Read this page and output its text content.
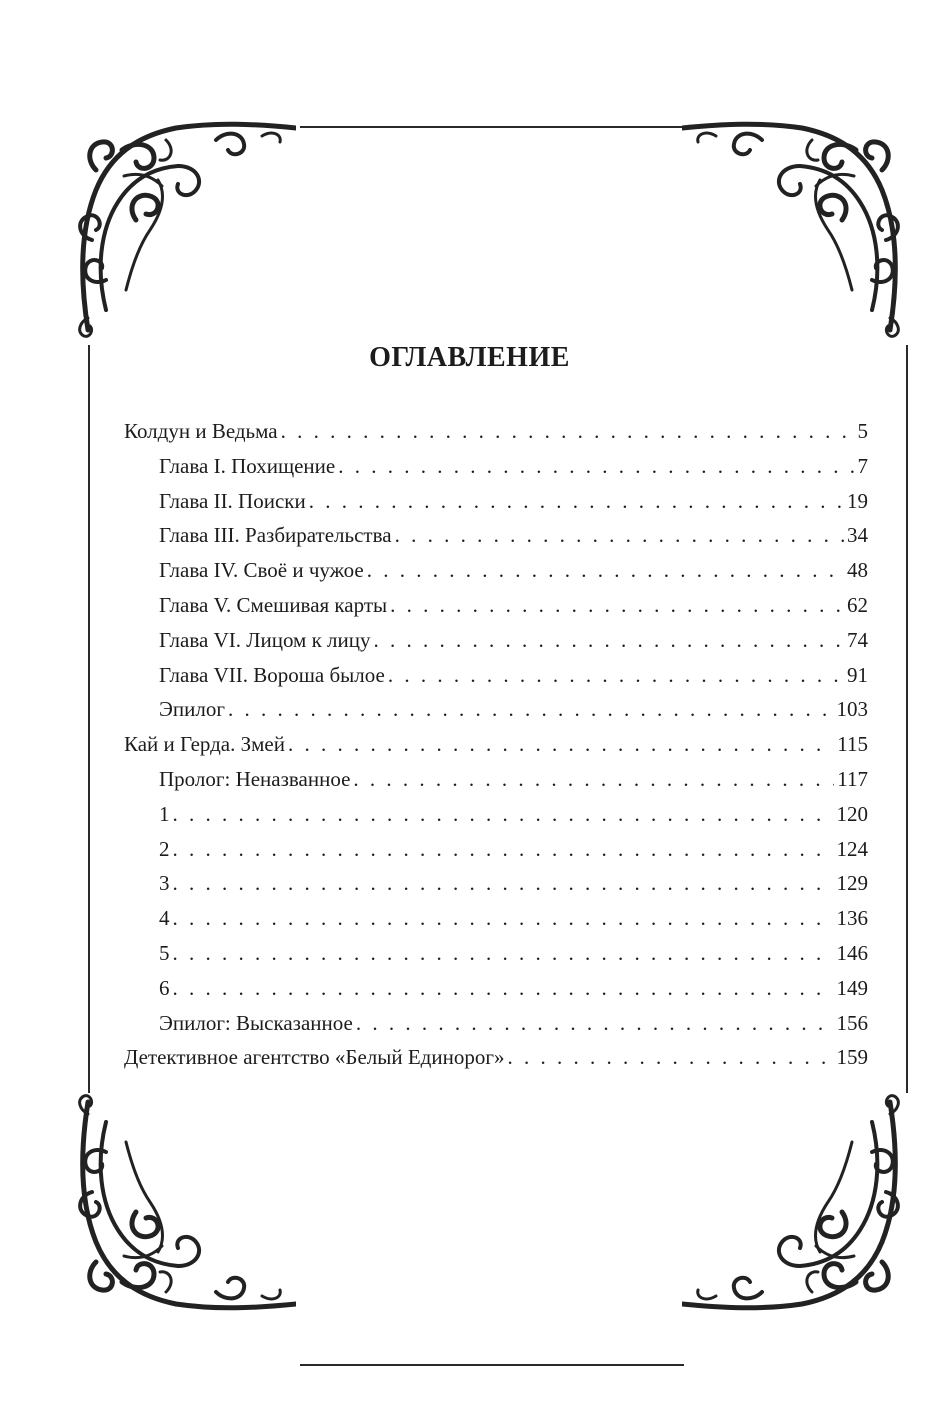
ОГЛАВЛЕНИЕ
Колдун и Ведьма . . .	5
Глава I. Похищение . . .	7
Глава II. Поиски . . .	19
Глава III. Разбирательства . . .	34
Глава IV. Своё и чужое . . .	48
Глава V. Смешивая карты . . .	62
Глава VI. Лицом к лицу . . .	74
Глава VII. Вороша былое . . .	91
Эпилог . . .	103
Кай и Герда. Змей . . .	115
Пролог: Неназванное . . .	117
1 . . .	120
2 . . .	124
3 . . .	129
4 . . .	136
5 . . .	146
6 . . .	149
Эпилог: Высказанное . . .	156
Детективное агентство «Белый Единорог» . . .	159
